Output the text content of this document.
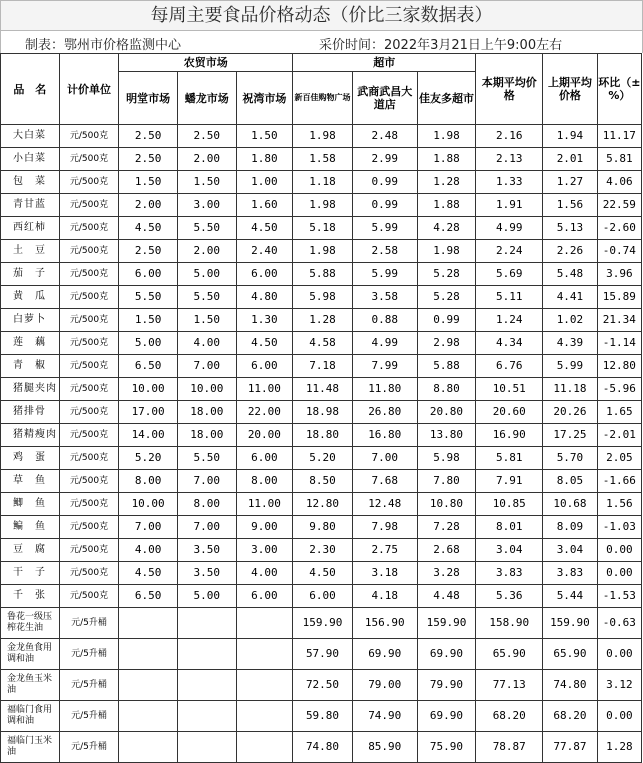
每周主要食品价格动态（价比三家数据表）
制表：鄂州市价格监测中心	采价时间：2022年3月21日上午9:00左右
品　名	计价单位	农贸市场			超市			本期平均价格	上期平均价格	环比（±%）
		明堂市场	蟠龙市场	祝湾市场	新百佳购物广场	武商武昌大道店	佳友多超市			
大白菜	元/500克	2.50	2.50	1.50	1.98	2.48	1.98	2.16	1.94	11.17
小白菜	元/500克	2.50	2.00	1.80	1.58	2.99	1.88	2.13	2.01	5.81
包　菜	元/500克	1.50	1.50	1.00	1.18	0.99	1.28	1.33	1.27	4.06
青甘蓝	元/500克	2.00	3.00	1.60	1.98	0.99	1.88	1.91	1.56	22.59
西红柿	元/500克	4.50	5.50	4.50	5.18	5.99	4.28	4.99	5.13	-2.60
土　豆	元/500克	2.50	2.00	2.40	1.98	2.58	1.98	2.24	2.26	-0.74
茄　子	元/500克	6.00	5.00	6.00	5.88	5.99	5.28	5.69	5.48	3.96
黄　瓜	元/500克	5.50	5.50	4.80	5.98	3.58	5.28	5.11	4.41	15.89
白萝卜	元/500克	1.50	1.50	1.30	1.28	0.88	0.99	1.24	1.02	21.34
莲　藕	元/500克	5.00	4.00	4.50	4.58	4.99	2.98	4.34	4.39	-1.14
青　椒	元/500克	6.50	7.00	6.00	7.18	7.99	5.88	6.76	5.99	12.80
猪腿夹肉	元/500克	10.00	10.00	11.00	11.48	11.80	8.80	10.51	11.18	-5.96
猪排骨	元/500克	17.00	18.00	22.00	18.98	26.80	20.80	20.60	20.26	1.65
猪精瘦肉	元/500克	14.00	18.00	20.00	18.80	16.80	13.80	16.90	17.25	-2.01
鸡　蛋	元/500克	5.20	5.50	6.00	5.20	7.00	5.98	5.81	5.70	2.05
草　鱼	元/500克	8.00	7.00	8.00	8.50	7.68	7.80	7.91	8.05	-1.66
鲫　鱼	元/500克	10.00	8.00	11.00	12.80	12.48	10.80	10.85	10.68	1.56
鳊　鱼	元/500克	7.00	7.00	9.00	9.80	7.98	7.28	8.01	8.09	-1.03
豆　腐	元/500克	4.00	3.50	3.00	2.30	2.75	2.68	3.04	3.04	0.00
干　子	元/500克	4.50	3.50	4.00	4.50	3.18	3.28	3.83	3.83	0.00
千　张	元/500克	6.50	5.00	6.00	6.00	4.18	4.48	5.36	5.44	-1.53
鲁花一级压榨花生油	元/5升桶				159.90	156.90	159.90	158.90	159.90	-0.63
金龙鱼食用调和油	元/5升桶				57.90	69.90	69.90	65.90	65.90	0.00
金龙鱼玉米油	元/5升桶				72.50	79.00	79.90	77.13	74.80	3.12
福临门食用调和油	元/5升桶				59.80	74.90	69.90	68.20	68.20	0.00
福临门玉米油	元/5升桶				74.80	85.90	75.90	78.87	77.87	1.28
